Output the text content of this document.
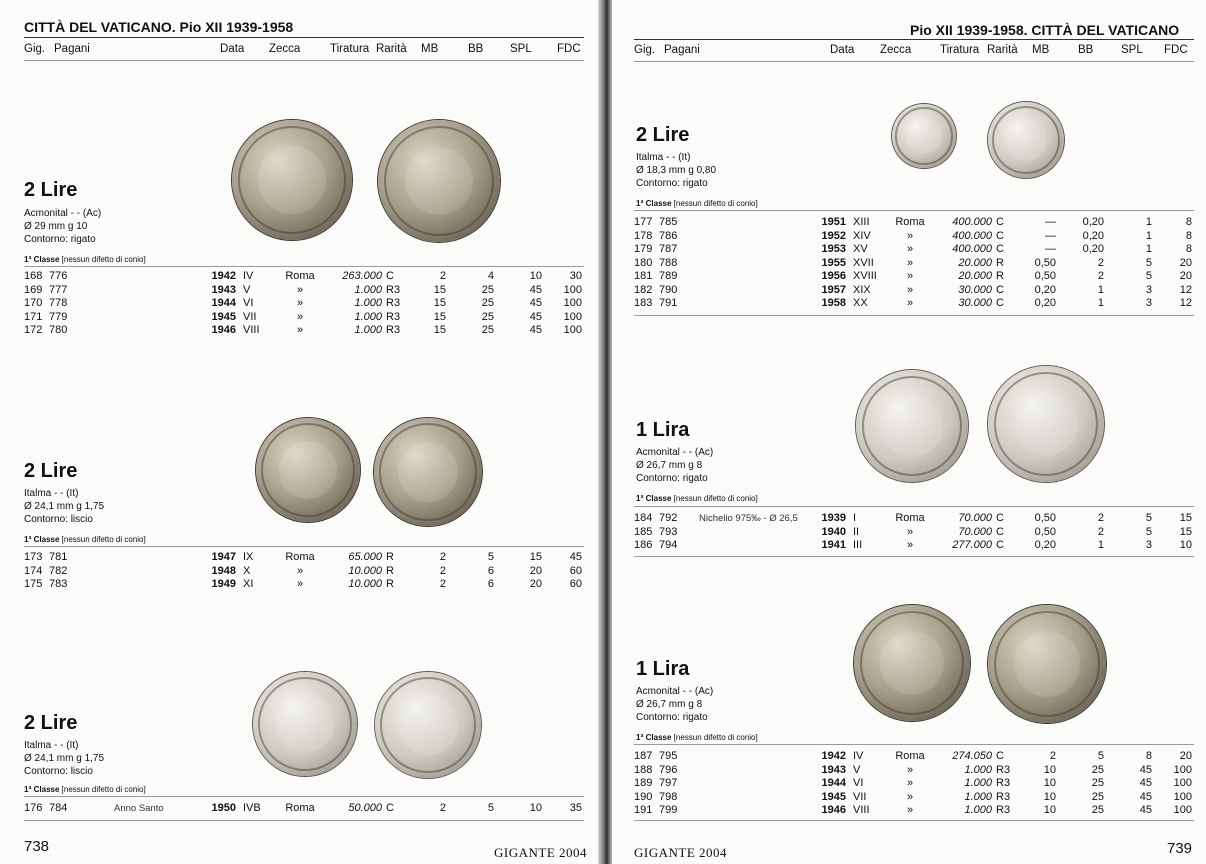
CITTÀ DEL VATICANO. Pio XII 1939-1958
Gig. Pagani	Data Zecca	Tiratura Rarità MB	BB SPL FDC
2 Lire
Acmonital - - (Ac)
Ø 29 mm g 10
Contorno: rigato
1ª Classe [nessun difetto di conio]
168 776	1942 IV	Roma	263.000 C	2	4	10	30
169 777	1943 V	»	1.000 R3	15	25	45	100
170 778	1944 VI	»	1.000 R3	15	25	45	100
171 779	1945 VII	»	1.000 R3	15	25	45	100
172 780	1946 VIII	»	1.000 R3	15	25	45	100
2 Lire
Italma - - (It)
Ø 24,1 mm g 1,75
Contorno: liscio
1ª Classe [nessun difetto di conio]
173 781	1947 IX	Roma	65.000 R	2	5	15	45
174 782	1948 X	»	10.000 R	2	6	20	60
175 783	1949 XI	»	10.000 R	2	6	20	60
2 Lire
Italma - - (It)
Ø 24,1 mm g 1,75
Contorno: liscio
1ª Classe [nessun difetto di conio]
176 784	Anno Santo	1950 IVB	Roma	50.000 C	2	5	10	35
738	GIGANTE 2004
Pio XII 1939-1958. CITTÀ DEL VATICANO
Gig. Pagani	Data Zecca Tiratura Rarità MB	BB SPL FDC
2 Lire
Italma - - (It)
Ø 18,3 mm g 0,80
Contorno: rigato
1ª Classe [nessun difetto di conio]
177 785	1951 XIII	Roma	400.000 C	—	0,20	1	8
178 786	1952 XIV	»	400.000 C	—	0,20	1	8
179 787	1953 XV	»	400.000 C	—	0,20	1	8
180 788	1955 XVII	»	20.000 R	0,50	2	5	20
181 789	1956 XVIII	»	20.000 R	0,50	2	5	20
182 790	1957 XIX	»	30.000 C	0,20	1	3	12
183 791	1958 XX	»	30.000 C	0,20	1	3	12
1 Lira
Acmonital - - (Ac)
Ø 26,7 mm g 8
Contorno: rigato
1ª Classe [nessun difetto di conio]
184 792	Nichelio 975‰ - Ø 26,5	1939 I	Roma	70.000 C	0,50	2	5	15
185 793	1940 II	»	70.000 C	0,50	2	5	15
186 794	1941 III	»	277.000 C	0,20	1	3	10
1 Lira
Acmonital - - (Ac)
Ø 26,7 mm g 8
Contorno: rigato
1ª Classe [nessun difetto di conio]
187 795	1942 IV	Roma	274.050 C	2	5	8	20
188 796	1943 V	»	1.000 R3	10	25	45	100
189 797	1944 VI	»	1.000 R3	10	25	45	100
190 798	1945 VII	»	1.000 R3	10	25	45	100
191 799	1946 VIII	»	1.000 R3	10	25	45	100
GIGANTE 2004	739
